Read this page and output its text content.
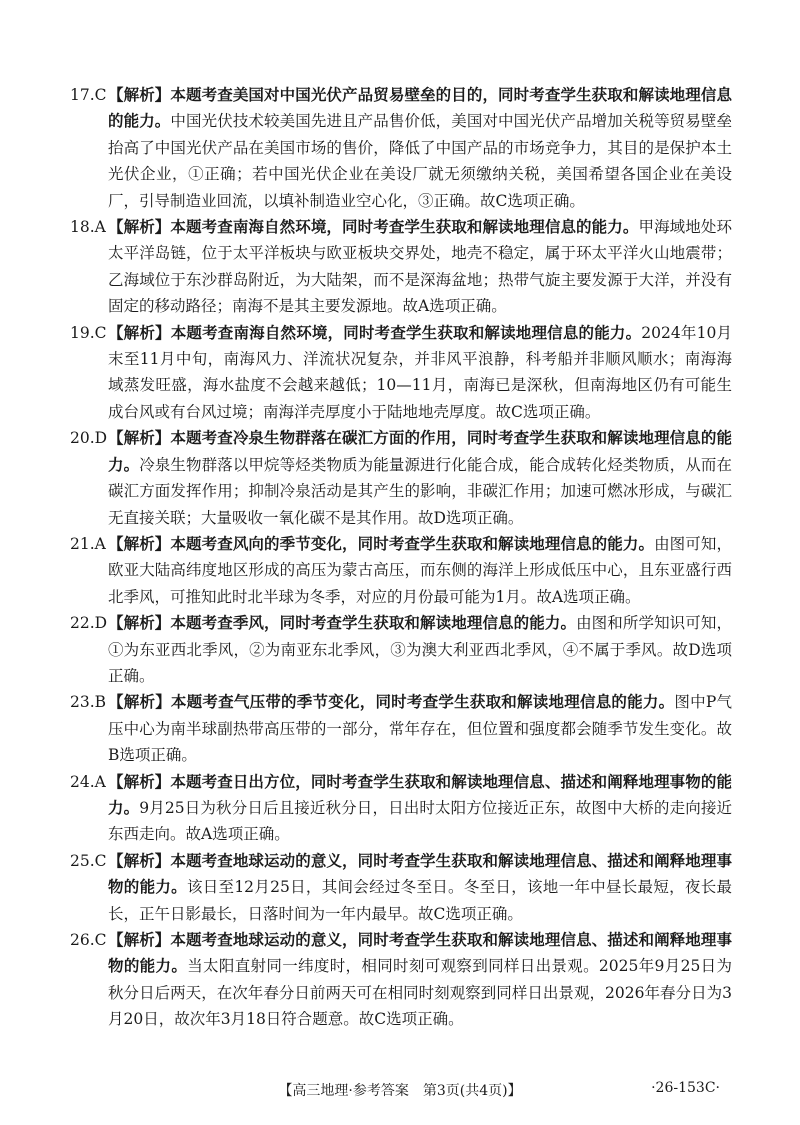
17.C 【解析】本题考查美国对中国光伏产品贸易壁垒的目的，同时考查学生获取和解读地理信息的能力。中国光伏技术较美国先进且产品售价低，美国对中国光伏产品增加关税等贸易壁垒抬高了中国光伏产品在美国市场的售价，降低了中国产品的市场竞争力，其目的是保护本土光伏企业，①正确；若中国光伏企业在美设厂就无须缴纳关税，美国希望各国企业在美设厂，引导制造业回流，以填补制造业空心化，③正确。故C选项正确。
18.A 【解析】本题考查南海自然环境，同时考查学生获取和解读地理信息的能力。甲海域地处环太平洋岛链，位于太平洋板块与欧亚板块交界处，地壳不稳定，属于环太平洋火山地震带；乙海域位于东沙群岛附近，为大陆架，而不是深海盆地；热带气旋主要发源于大洋，并没有固定的移动路径；南海不是其主要发源地。故A选项正确。
19.C 【解析】本题考查南海自然环境，同时考查学生获取和解读地理信息的能力。2024年10月末至11月中旬，南海风力、洋流状况复杂，并非风平浪静，科考船并非顺风顺水；南海海域蒸发旺盛，海水盐度不会越来越低；10—11月，南海已是深秋，但南海地区仍有可能生成台风或有台风过境；南海洋壳厚度小于陆地地壳厚度。故C选项正确。
20.D 【解析】本题考查冷泉生物群落在碳汇方面的作用，同时考查学生获取和解读地理信息的能力。冷泉生物群落以甲烷等烃类物质为能量源进行化能合成，能合成转化烃类物质，从而在碳汇方面发挥作用；抑制冷泉活动是其产生的影响，非碳汇作用；加速可燃冰形成，与碳汇无直接关联；大量吸收一氧化碳不是其作用。故D选项正确。
21.A 【解析】本题考查风向的季节变化，同时考查学生获取和解读地理信息的能力。由图可知，欧亚大陆高纬度地区形成的高压为蒙古高压，而东侧的海洋上形成低压中心，且东亚盛行西北季风，可推知此时北半球为冬季，对应的月份最可能为1月。故A选项正确。
22.D 【解析】本题考查季风，同时考查学生获取和解读地理信息的能力。由图和所学知识可知，①为东亚西北季风，②为南亚东北季风，③为澳大利亚西北季风，④不属于季风。故D选项正确。
23.B 【解析】本题考查气压带的季节变化，同时考查学生获取和解读地理信息的能力。图中P气压中心为南半球副热带高压带的一部分，常年存在，但位置和强度都会随季节发生变化。故B选项正确。
24.A 【解析】本题考查日出方位，同时考查学生获取和解读地理信息、描述和阐释地理事物的能力。9月25日为秋分日后且接近秋分日，日出时太阳方位接近正东，故图中大桥的走向接近东西走向。故A选项正确。
25.C 【解析】本题考查地球运动的意义，同时考查学生获取和解读地理信息、描述和阐释地理事物的能力。该日至12月25日，其间会经过冬至日。冬至日，该地一年中昼长最短，夜长最长，正午日影最长，日落时间为一年内最早。故C选项正确。
26.C 【解析】本题考查地球运动的意义，同时考查学生获取和解读地理信息、描述和阐释地理事物的能力。当太阳直射同一纬度时，相同时刻可观察到同样日出景观。2025年9月25日为秋分日后两天，在次年春分日前两天可在相同时刻观察到同样日出景观，2026年春分日为3月20日，故次年3月18日符合题意。故C选项正确。
【高三地理·参考答案　第3页(共4页)】	·26-153C·
